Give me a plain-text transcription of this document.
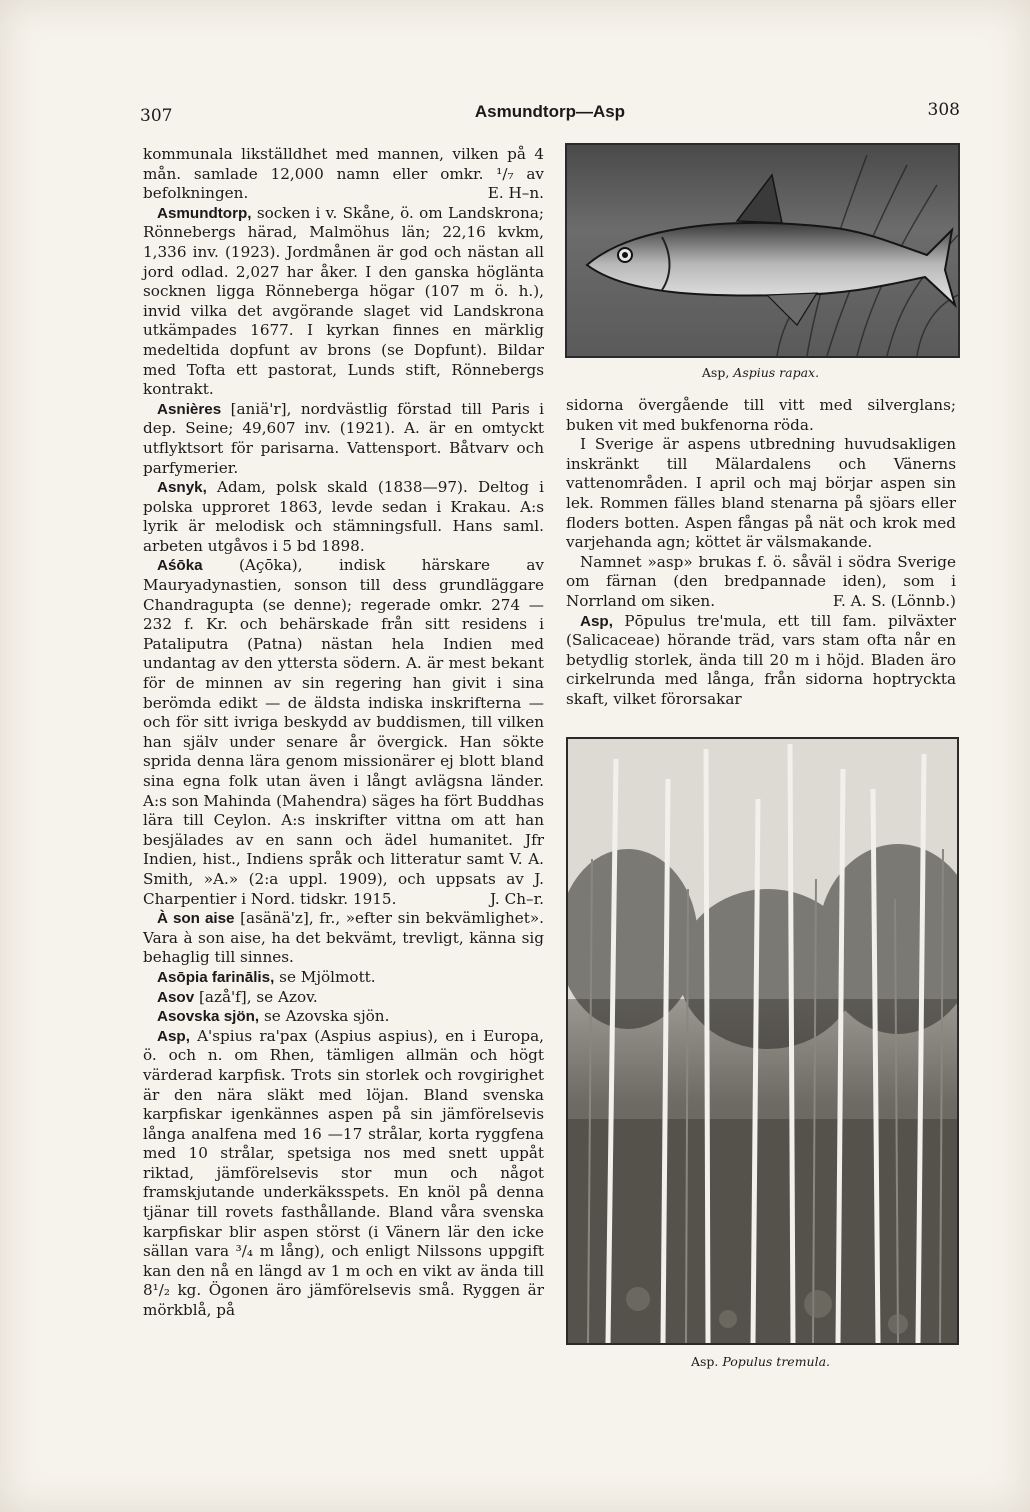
307	Asmundtorp—Asp	308

kommunala likställdhet med mannen, vilken på 4 mån. samlade 12,000 namn eller omkr. ¹/₇ av befolkningen.	E. H–n.

Asmundtorp, socken i v. Skåne, ö. om Landskrona; Rönnebergs härad, Malmöhus län; 22,16 kvkm, 1,336 inv. (1923). Jordmånen är god och nästan all jord odlad. 2,027 har åker. I den ganska höglänta socknen ligga Rönneberga högar (107 m ö. h.), invid vilka det avgörande slaget vid Landskrona utkämpades 1677. I kyrkan finnes en märklig medeltida dopfunt av brons (se Dopfunt). Bildar med Tofta ett pastorat, Lunds stift, Rönnebergs kontrakt.

Asnières [aniä'r], nordvästlig förstad till Paris i dep. Seine; 49,607 inv. (1921). A. är en omtyckt utflyktsort för parisarna. Vattensport. Båtvarv och parfymerier.

Asnyk, Adam, polsk skald (1838—97). Deltog i polska upproret 1863, levde sedan i Krakau. A:s lyrik är melodisk och stämningsfull. Hans saml. arbeten utgåvos i 5 bd 1898.

Aśōka (Açōka), indisk härskare av Mauryadynastien, sonson till dess grundläggare Chandragupta (se denne); regerade omkr. 274 —232 f. Kr. och behärskade från sitt residens i Pataliputra (Patna) nästan hela Indien med undantag av den yttersta södern. A. är mest bekant för de minnen av sin regering han givit i sina berömda edikt — de äldsta indiska inskrifterna — och för sitt ivriga beskydd av buddismen, till vilken han själv under senare år övergick. Han sökte sprida denna lära genom missionärer ej blott bland sina egna folk utan även i långt avlägsna länder. A:s son Mahinda (Mahendra) säges ha fört Buddhas lära till Ceylon. A:s inskrifter vittna om att han besjälades av en sann och ädel humanitet. Jfr Indien, hist., Indiens språk och litteratur samt V. A. Smith, »A.» (2:a uppl. 1909), och uppsats av J. Charpentier i Nord. tidskr. 1915.	J. Ch–r.

À son aise [asänä'z], fr., »efter sin bekvämlighet». Vara à son aise, ha det bekvämt, trevligt, känna sig behaglig till sinnes.

Asōpia farinālis, se Mjölmott.

Asov [azå'f], se Azov.

Asovska sjön, se Azovska sjön.

Asp, A'spius ra'pax (Aspius aspius), en i Europa, ö. och n. om Rhen, tämligen allmän och högt värderad karpfisk. Trots sin storlek och rovgirighet är den nära släkt med löjan. Bland svenska karpfiskar igenkännes aspen på sin jämförelsevis långa analfena med 16 —17 strålar, korta ryggfena med 10 strålar, spetsiga nos med snett uppåt riktad, jämförelsevis stor mun och något framskjutande underkäksspets. En knöl på denna tjänar till rovets fasthållande. Bland våra svenska karpfiskar blir aspen störst (i Vänern lär den icke sällan vara ³/₄ m lång), och enligt Nilssons uppgift kan den nå en längd av 1 m och en vikt av ända till 8¹/₂ kg. Ögonen äro jämförelsevis små. Ryggen är mörkblå, på

Asp, Aspius rapax.

sidorna övergående till vitt med silverglans; buken vit med bukfenorna röda.

I Sverige är aspens utbredning huvudsakligen inskränkt till Mälardalens och Vänerns vattenområden. I april och maj börjar aspen sin lek. Rommen fälles bland stenarna på sjöars eller floders botten. Aspen fångas på nät och krok med varjehanda agn; köttet är välsmakande.

Namnet »asp» brukas f. ö. såväl i södra Sverige om färnan (den bredpannade iden), som i Norrland om siken.	F. A. S. (Lönnb.)

Asp, Pōpulus tre'mula, ett till fam. pilväxter (Salicaceae) hörande träd, vars stam ofta når en betydlig storlek, ända till 20 m i höjd. Bladen äro cirkelrunda med långa, från sidorna hoptryckta skaft, vilket förorsakar

Asp. Populus tremula.
